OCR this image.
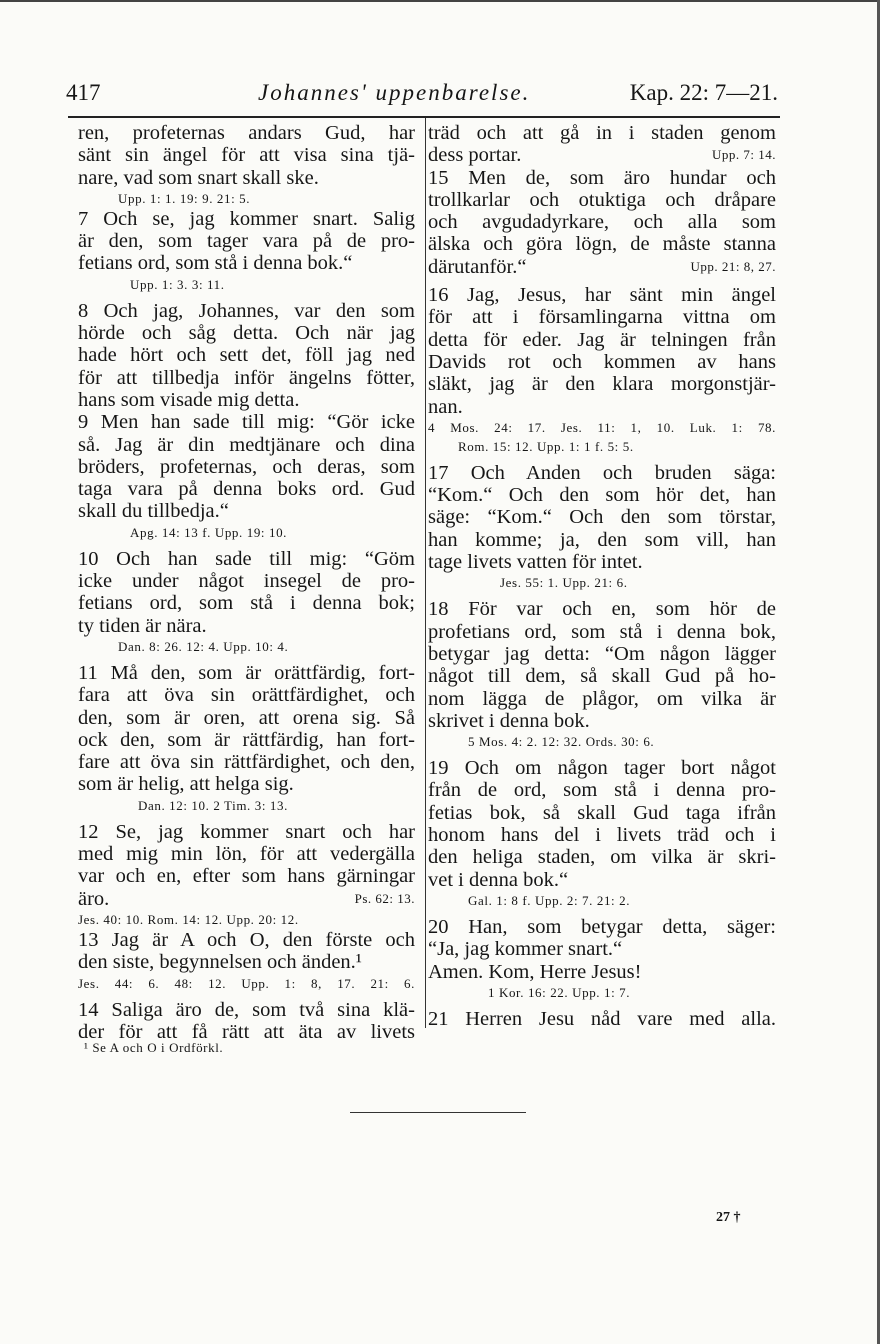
417	Johannes' uppenbarelse.	Kap. 22: 7—21.
ren, profeternas andars Gud, har
sänt sin ängel för att visa sina tjä-
nare, vad som snart skall ske.
Upp. 1: 1. 19: 9. 21: 5.
7 Och se, jag kommer snart. Salig
är den, som tager vara på de pro-
fetians ord, som stå i denna bok.“
Upp. 1: 3. 3: 11.
8 Och jag, Johannes, var den som
hörde och såg detta. Och när jag
hade hört och sett det, föll jag ned
för att tillbedja inför ängelns fötter,
hans som visade mig detta.
9 Men han sade till mig: “Gör icke
så. Jag är din medtjänare och dina
bröders, profeternas, och deras, som
taga vara på denna boks ord. Gud
skall du tillbedja.“
Apg. 14: 13 f. Upp. 19: 10.
10 Och han sade till mig: “Göm
icke under något insegel de pro-
fetians ord, som stå i denna bok;
ty tiden är nära.
Dan. 8: 26. 12: 4. Upp. 10: 4.
11 Må den, som är orättfärdig, fort-
fara att öva sin orättfärdighet, och
den, som är oren, att orena sig. Så
ock den, som är rättfärdig, han fort-
fare att öva sin rättfärdighet, och den,
som är helig, att helga sig.
Dan. 12: 10. 2 Tim. 3: 13.
12 Se, jag kommer snart och har
med mig min lön, för att vedergälla
var och en, efter som hans gärningar
äro.	Ps. 62: 13.
Jes. 40: 10. Rom. 14: 12. Upp. 20: 12.
13 Jag är A och O, den förste och
den siste, begynnelsen och änden.¹
Jes. 44: 6. 48: 12. Upp. 1: 8, 17. 21: 6.
14 Saliga äro de, som två sina klä-
der för att få rätt att äta av livets
träd och att gå in i staden genom
dess portar.	Upp. 7: 14.
15 Men de, som äro hundar och
trollkarlar och otuktiga och dråpare
och avgudadyrkare, och alla som
älska och göra lögn, de måste stanna
därutanför.“	Upp. 21: 8, 27.
16 Jag, Jesus, har sänt min ängel
för att i församlingarna vittna om
detta för eder. Jag är telningen från
Davids rot och kommen av hans
släkt, jag är den klara morgonstjär-
nan.
4 Mos. 24: 17. Jes. 11: 1, 10. Luk. 1: 78.
Rom. 15: 12. Upp. 1: 1 f. 5: 5.
17 Och Anden och bruden säga:
“Kom.“ Och den som hör det, han
säge: “Kom.“ Och den som törstar,
han komme; ja, den som vill, han
tage livets vatten för intet.
Jes. 55: 1. Upp. 21: 6.
18 För var och en, som hör de
profetians ord, som stå i denna bok,
betygar jag detta: “Om någon lägger
något till dem, så skall Gud på ho-
nom lägga de plågor, om vilka är
skrivet i denna bok.
5 Mos. 4: 2. 12: 32. Ords. 30: 6.
19 Och om någon tager bort något
från de ord, som stå i denna pro-
fetias bok, så skall Gud taga ifrån
honom hans del i livets träd och i
den heliga staden, om vilka är skri-
vet i denna bok.“
Gal. 1: 8 f. Upp. 2: 7. 21: 2.
20 Han, som betygar detta, säger:
“Ja, jag kommer snart.“
Amen. Kom, Herre Jesus!
1 Kor. 16: 22. Upp. 1: 7.
21 Herren Jesu nåd vare med alla.
¹ Se A och O i Ordförkl.
27 †
